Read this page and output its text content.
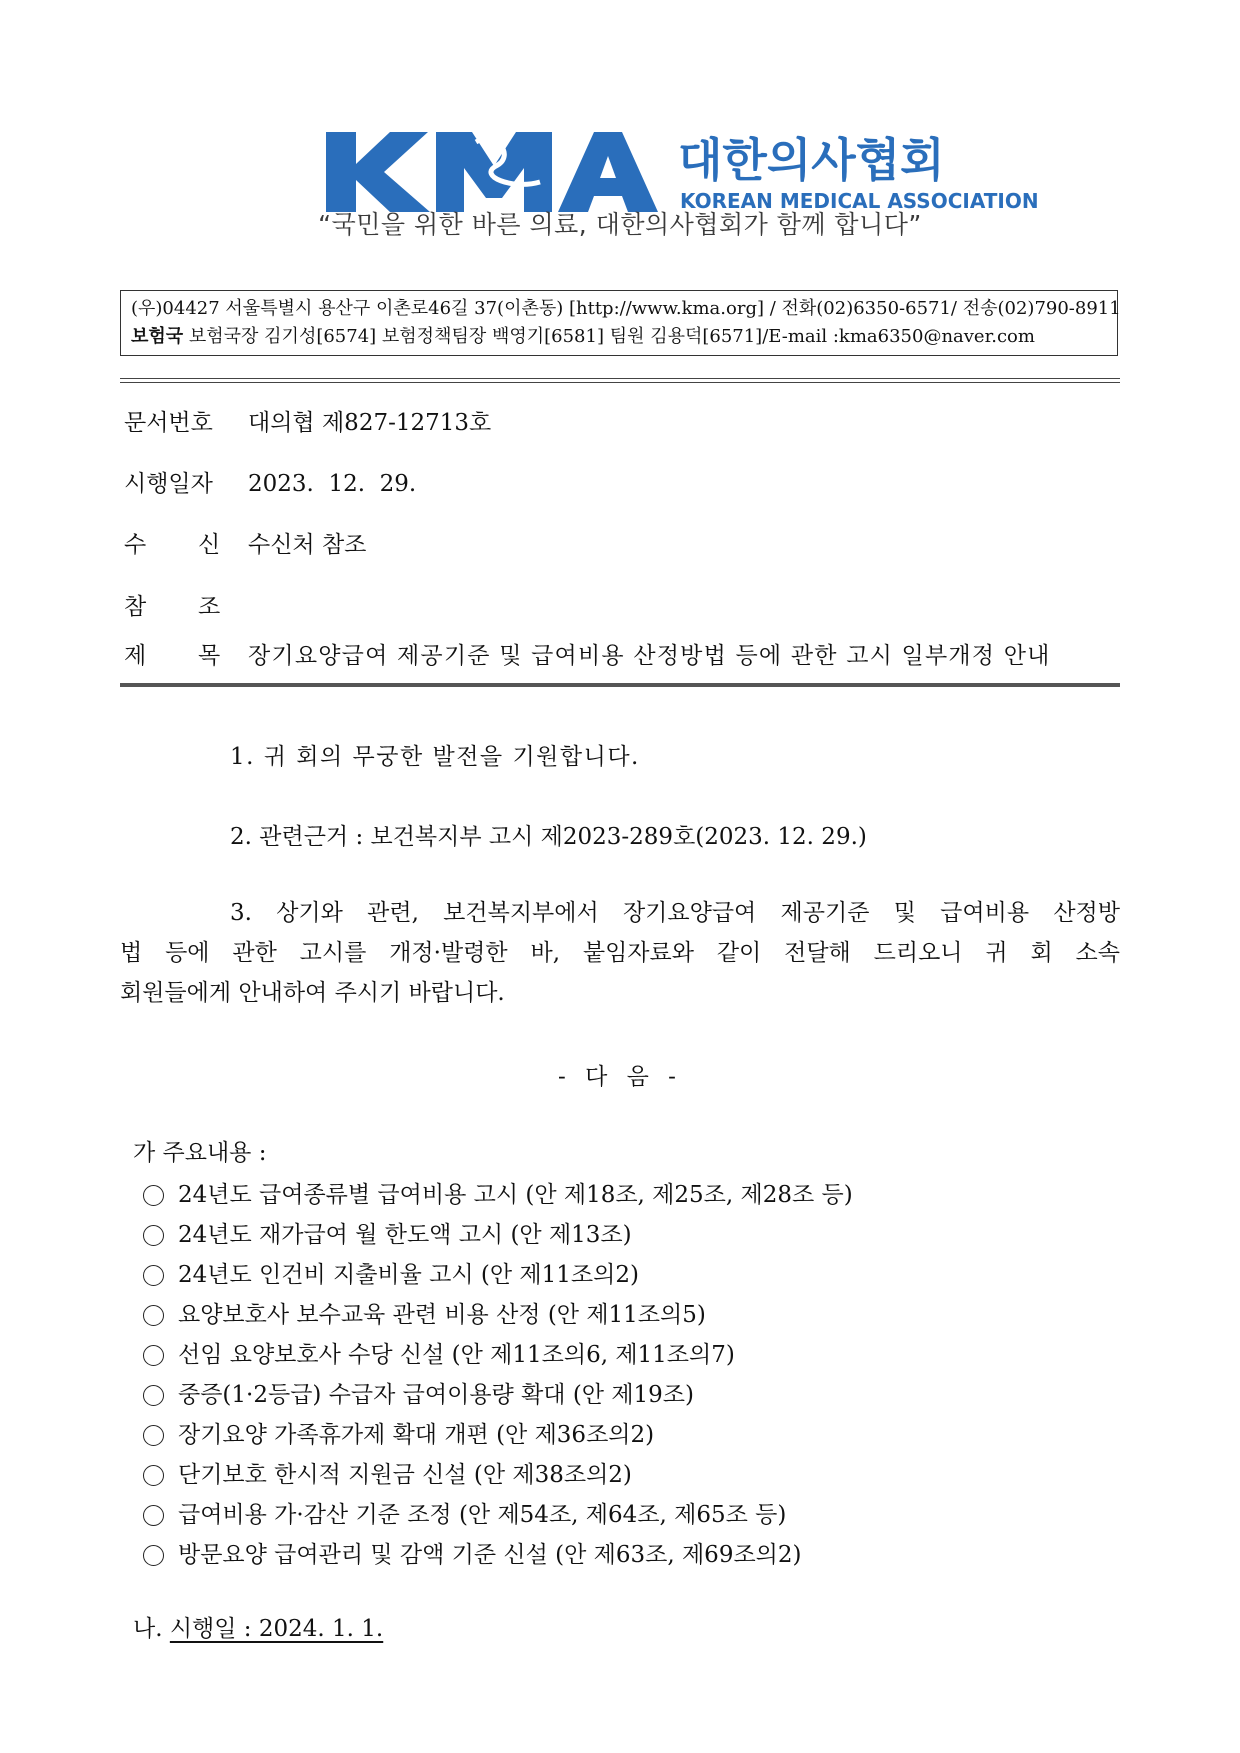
대한의사협회
KOREAN MEDICAL ASSOCIATION
“국민을 위한 바른 의료, 대한의사협회가 함께 합니다”
(우)04427 서울특별시 용산구 이촌로46길 37(이촌동) [http://www.kma.org] / 전화(02)6350-6571/ 전송(02)790-8911
보험국 보험국장 김기성[6574] 보험정책팀장 백영기[6581] 팀원 김용덕[6571]/E-mail :kma6350@naver.com
문서번호 대의협 제827-12713호
시행일자 2023.  12.  29.
수 신 수신처 참조
참 조
제 목 장기요양급여 제공기준 및 급여비용 산정방법 등에 관한 고시 일부개정 안내
1. 귀 회의 무궁한 발전을 기원합니다.
2. 관련근거 : 보건복지부 고시 제2023-289호(2023. 12. 29.)
3. 상기와 관련, 보건복지부에서 장기요양급여 제공기준 및 급여비용 산정방
법 등에 관한 고시를 개정·발령한 바, 붙임자료와 같이 전달해 드리오니 귀 회 소속
회원들에게 안내하여 주시기 바랍니다.
- 다 음 -
가 주요내용 :
24년도 급여종류별 급여비용 고시 (안 제18조, 제25조, 제28조 등)
24년도 재가급여 월 한도액 고시 (안 제13조)
24년도 인건비 지출비율 고시 (안 제11조의2)
요양보호사 보수교육 관련 비용 산정 (안 제11조의5)
선임 요양보호사 수당 신설 (안 제11조의6, 제11조의7)
중증(1·2등급) 수급자 급여이용량 확대 (안 제19조)
장기요양 가족휴가제 확대 개편 (안 제36조의2)
단기보호 한시적 지원금 신설 (안 제38조의2)
급여비용 가·감산 기준 조정 (안 제54조, 제64조, 제65조 등)
방문요양 급여관리 및 감액 기준 신설 (안 제63조, 제69조의2)
나. 시행일 : 2024. 1. 1.
